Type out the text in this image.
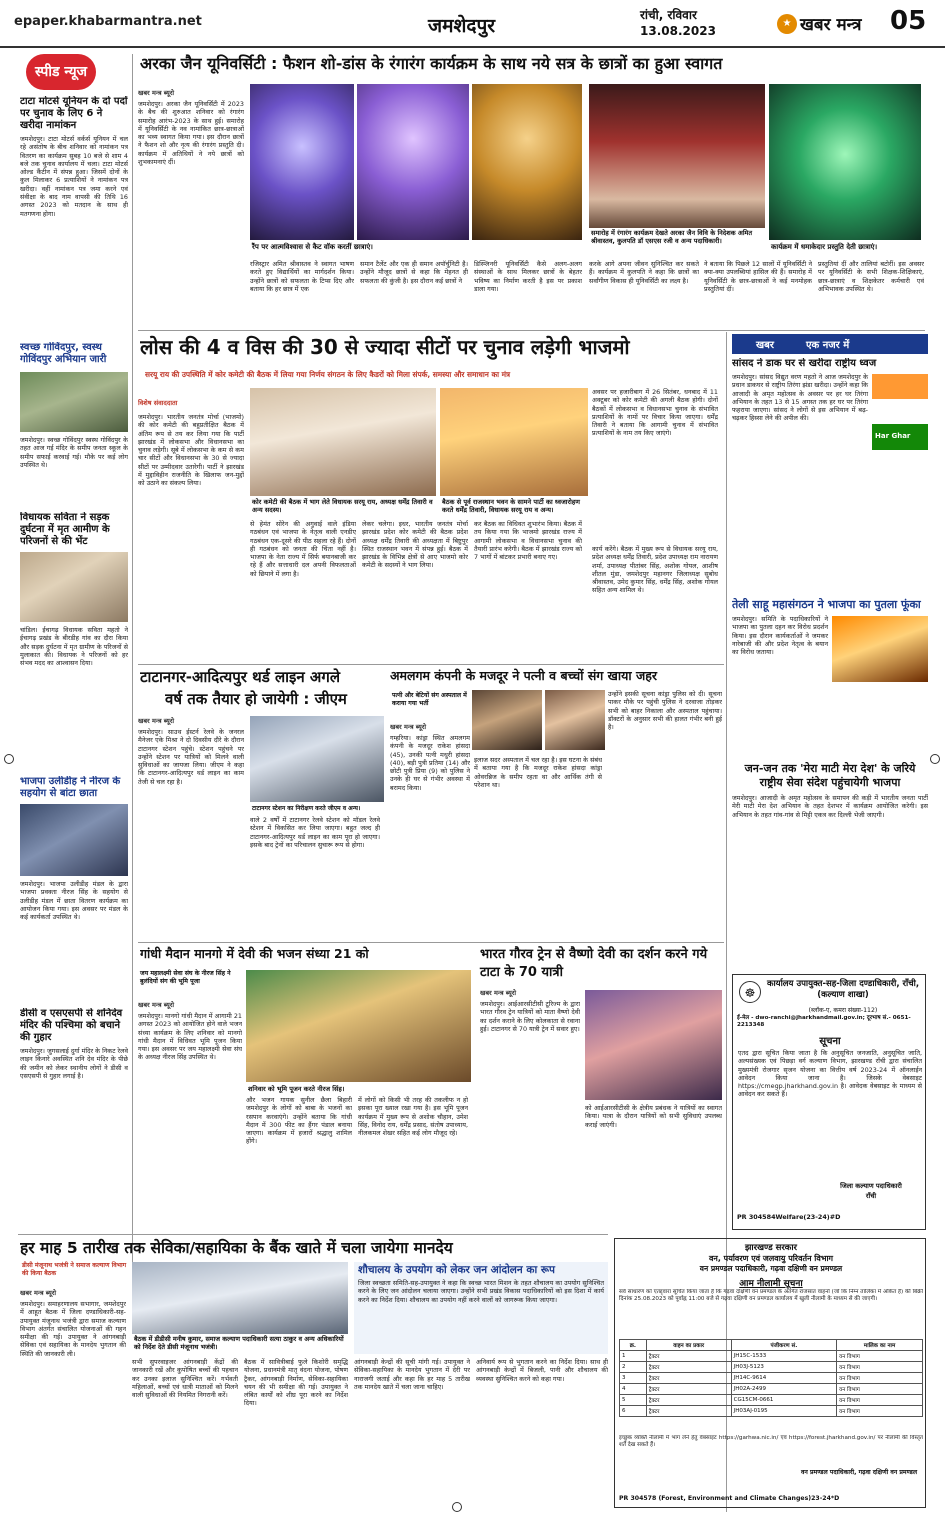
epaper.khabarmantra.net	जमशेदपुर	रांची, रविवार
13.08.2023
★ खबर मन्त्र 05
स्पीड न्यूज
टाटा मोटर्स यूनियन के दो पदों पर चुनाव के लिए 6 ने खरीदा नामांकन
जमशेदपुर। टाटा मोटर्स वर्कर्स यूनियन में चल रहे असंतोष के बीच शनिवार को नामांकन पत्र वितरण का कार्यक्रम सुबह 10 बजे से शाम 4 बजे तक चुनाव कार्यालय में चला। टाटा मोटर्स ओल्ड कैंटीन में संपन्न हुआ। जिसमें दोनों के कुल मिलाकर 6 प्रत्याशियों ने नामांकन पत्र खरीदा। वहीं नामांकन पत्र जमा करने एवं संवीक्षा के बाद नाम वापसी की तिथि 16 अगस्त 2023 को मतदान के साथ ही मतगणना होगा।
स्वच्छ गोविंदपुर, स्वस्थ गोविंदपुर अभियान जारी
जमशेदपुर। स्वच्छ गोविंदपुर स्वस्थ गोविंदपुर के तहत आज गई मंदिर के समीप जनता स्कूल के समीप सफाई करवाई गई। मौके पर कई लोग उपस्थित थे।
विधायक सविता ने सड़क दुर्घटना में मृत आमीण के परिजनों से की भेंट
चांडिल। ईचागढ़ विधायक सविता महतो ने ईचागढ़ प्रखंड के बीरडीह गांव का दौरा किया और सड़क दुर्घटना में मृत ग्रामीण के परिजनों से मुलाकात की। विधायक ने परिजनों को हर संभव मदद का आश्वासन दिया।
भाजपा उलीडीह ने नीरज के सहयोग से बांटा छाता
जमशेदपुर। भाजपा उलीडीह मंडल के द्वारा भाजपा प्रवक्ता नीरज सिंह के सहयोग से उलीडीह मंडल में छाता वितरण कार्यक्रम का आयोजन किया गया। इस अवसर पर मंडल के कई कार्यकर्ता उपस्थित थे।
डीसी व एसएसपी से शनिदेव मंदिर की पश्चिमा को बचाने की गुहार
जमशेदपुर। जुगसलाई दुर्गा मंदिर के निकट रेलवे लाइन किनारे अवस्थित शनि देव मंदिर के पीछे की जमीन को लेकर स्थानीय लोगों ने डीसी व एसएसपी से गुहार लगाई है।
अरका जैन यूनिवर्सिटी : फैशन शो-डांस के रंगारंग कार्यक्रम के साथ नये सत्र के छात्रों का हुआ स्वागत
खबर मन्त्र ब्यूरो
जमशेदपुर। अरका जैन यूनिवर्सिटी में 2023 के बैच की शुरुआत शनिवार को रंगारंग समारोह आरंभ-2023 के साथ हुई। समारोह में यूनिवर्सिटी के नव नामांकित छात्र-छात्राओं का भव्य स्वागत किया गया। इस दौरान छात्रों ने फैशन शो और नृत्य की रंगारंग प्रस्तुति दी। कार्यक्रम में अतिथियों ने नये छात्रों को शुभकामनाएं दीं।
रैंप पर आत्मविश्वास से कैट वॉक करतीं छात्राएं।
समारोह में रंगारंग कार्यक्रम देखते अरका जैन विवि के निदेशक अमित श्रीवास्तव, कुलपति डॉ एसएस रजी व अन्य पदाधिकारी।
कार्यक्रम में धमाकेदार प्रस्तुति देती छात्राएं।
रजिस्ट्रार अमित श्रीवास्तव ने स्वागत भाषण करते हुए विद्यार्थियों का मार्गदर्शन किया। उन्होंने छात्रों को सफलता के टिप्स दिए और बताया कि हर छात्र में एक
समान टैलेंट और एक ही समान अपॉर्चुनिटी है। उन्होंने मौजूद छात्रों से कहा कि मेहनत ही सफलता की कुंजी है। इस दौरान कई छात्रों ने
डिस्प्लिनरी यूनिवर्सिटी कैसे अलग-अलग संस्थाओं के साथ मिलकर छात्रों के बेहतर भविष्य का निर्माण करती है इस पर प्रकाश डाला गया।
करके आगे अपना जीवन सुनिश्चित कर सकते हैं। कार्यक्रम में कुलपति ने कहा कि छात्रों का सर्वांगीण विकास ही यूनिवर्सिटी का लक्ष्य है।
ने बताया कि पिछले 12 सालों में यूनिवर्सिटी ने क्या-क्या उपलब्धियां हासिल की हैं। समारोह में यूनिवर्सिटी के छात्र-छात्राओं ने कई मनमोहक प्रस्तुतियां दीं।
प्रस्तुतियां दीं और तालियां बटोरीं। इस अवसर पर यूनिवर्सिटी के सभी शिक्षक-शिक्षिकाएं, छात्र-छात्राएं व शिक्षकेतर कर्मचारी एवं अभिभावक उपस्थित थे।
लोस की 4 व विस की 30 से ज्यादा सीटों पर चुनाव लड़ेगी भाजमो
सरयू राय की उपस्थिति में कोर कमेटी की बैठक में लिया गया निर्णय संगठन के लिए कैडरों को मिला संपर्क, समस्या और समाधान का मंत्र
विशेष संवाददाता
जमशेदपुर। भारतीय जनतंत्र मोर्चा (भाजमो) की कोर कमेटी की बहुप्रतीक्षित बैठक में अंतिम रूप से तय कर लिया गया कि पार्टी झारखंड में लोकसभा और विधानसभा का चुनाव लड़ेगी। सूबे में लोकसभा के कम से कम चार सीटों और विधानसभा के 30 से ज्यादा सीटों पर उम्मीदवार उतारेगी। पार्टी ने झारखंड में मुद्दाविहीन राजनीति के खिलाफ जन-मुद्दों को उठाने का संकल्प लिया।
कोर कमेटी की बैठक में भाग लेते विधायक सरयू राय, अध्यक्ष धर्मेंद्र तिवारी व अन्य सदस्य।
बैठक से पूर्व राजस्थान भवन के सामने पार्टी का ध्वजारोहण करते धर्मेंद्र तिवारी, विधायक सरयू राय व अन्य।
से हेमंत सोरेन की अगुवाई वाले इंडिया गठबंधन एवं भाजपा के नेतृत्व वाली एनडीए गठबंधन एक-दूसरे की पीठ सहला रहे हैं। दोनों ही गठबंधन को जनता की चिंता नहीं है। भाजपा के नेता राज्य में सिर्फ बयानबाजी कर रहे हैं और सत्ताधारी दल अपनी विफलताओं को छिपाने में लगा है।
लेकर चलेगा। इधर, भारतीय जनतंत्र मोर्चा झारखंड प्रदेश कोर कमेटी की बैठक प्रदेश अध्यक्ष धर्मेंद्र तिवारी की अध्यक्षता में बिष्टुपुर स्थित राजस्थान भवन में संपन्न हुई। बैठक में झारखंड के विभिन्न क्षेत्रों से आए भाजमो कोर कमेटी के सदस्यों ने भाग लिया।
कर बैठक का विधिवत शुभारंभ किया। बैठक में तय किया गया कि भाजमो झारखंड राज्य में आगामी लोकसभा व विधानसभा चुनाव की तैयारी प्रारंभ करेगी। बैठक में झारखंड राज्य को 7 भागों में बांटकर प्रभारी बनाए गए।
अवसर पर हजारीबाग में 26 सितंबर, धनबाद में 11 अक्टूबर को कोर कमेटी की अगली बैठक होगी। दोनों बैठकों में लोकसभा व विधानसभा चुनाव के संभावित प्रत्याशियों के नामों पर विचार किया जाएगा। धर्मेंद्र तिवारी ने बताया कि आगामी चुनाव में संभावित प्रत्याशियों के नाम तय किए जाएंगे।
कार्य करेंगे। बैठक में मुख्य रूप से विधायक सरयू राय, प्रदेश अध्यक्ष धर्मेंद्र तिवारी, प्रदेश उपाध्यक्ष राम नारायण शर्मा, उपाध्यक्ष पीतांबर सिंह, अशोक गोयल, आशीष शीतल मुंडा, जमशेदपुर महानगर जिलाध्यक्ष सुबोध श्रीवास्तव, उमेद कुमार सिंह, धर्मेंद्र सिंह, अशोक गोयल सहित अन्य शामिल थे।
टाटानगर-आदित्यपुर थर्ड लाइन अगले
वर्ष तक तैयार हो जायेगी : जीएम
खबर मन्त्र ब्यूरो
जमशेदपुर। साउथ ईस्टर्न रेलवे के जनरल मैनेजर एके मिश्रा ने दो दिवसीय दौरे के दौरान टाटानगर स्टेशन पहुंचे। स्टेशन पहुंचने पर उन्होंने स्टेशन पर यात्रियों को मिलने वाली सुविधाओं का जायजा लिया। जीएम ने कहा कि टाटानगर-आदित्यपुर थर्ड लाइन का काम तेजी से चल रहा है।
टाटानगर स्टेशन का निरीक्षण करते जीएम व अन्य।
वाले 2 वर्षों में टाटानगर रेलवे स्टेशन को मॉडल रेलवे स्टेशन में विकसित कर लिया जाएगा। बहुत जल्द ही टाटानगर-आदित्यपुर थर्ड लाइन का काम पूरा हो जाएगा। इसके बाद ट्रेनों का परिचालन सुचारू रूप से होगा।
अमलगम कंपनी के मजदूर ने पत्नी व बच्चों संग खाया जहर
पत्नी और बेटियों संग अस्पताल में कराया गया भर्ती
खबर मन्त्र ब्यूरो
गम्हरिया। कांड्रा स्थित अमलगम कंपनी के मजदूर राकेश हांसदा (45), उनकी पत्नी मधुरी हांसदा (40), बड़ी पुत्री प्रतिमा (14) और छोटी पुत्री प्रिया (9) को पुलिस ने उनके ही घर से गंभीर अवस्था में बरामद किया।
इलाज सदर अस्पताल में चल रहा है। इस घटना के संबंध में बताया गया है कि मजदूर राकेश हांसदा कांड्रा ओवरब्रिज के समीप रहता था और आर्थिक तंगी से परेशान था।
उन्होंने इसकी सूचना कांड्रा पुलिस को दी। सूचना पाकर मौके पर पहुंची पुलिस ने दरवाजा तोड़कर सभी को बाहर निकाला और अस्पताल पहुंचाया। डॉक्टरों के अनुसार सभी की हालत गंभीर बनी हुई है।
गांधी मैदान मानगो में देवी की भजन संध्या 21 को
जय महालक्ष्मी सेवा संघ के नीरज सिंह ने बुलंदियों संग की भूमि पूजा
खबर मन्त्र ब्यूरो
जमशेदपुर। मानगो गांधी मैदान में आगामी 21 अगस्त 2023 को आयोजित होने वाले भजन संध्या कार्यक्रम के लिए शनिवार को मानगो गांधी मैदान में विधिवत भूमि पूजन किया गया। इस अवसर पर जय महालक्ष्मी सेवा संघ के अध्यक्ष नीरज सिंह उपस्थित थे।
शनिवार को भूमि पूजन करते नीरज सिंह।
और भजन गायक सुनील छैला बिहारी जमशेदपुर के लोगों को बाबा के भजनों का रसपान करवाएंगे। उन्होंने बताया कि गांधी मैदान में 300 फीट का हैंगर पंडाल बनाया जाएगा। कार्यक्रम में हजारों श्रद्धालु शामिल होंगे।
में लोगों को किसी भी तरह की तकलीफ न हो इसका पूरा ख्याल रखा गया है। इस भूमि पूजन कार्यक्रम में मुख्य रूप से अशोक चौहान, उमेश सिंह, विनोद राय, धर्मेंद्र प्रसाद, संतोष उपाध्याय, नीलकमल शेखर सहित कई लोग मौजूद रहे।
भारत गौरव ट्रेन से वैष्णो देवी का दर्शन करने गये टाटा के 70 यात्री
खबर मन्त्र ब्यूरो
जमशेदपुर। आईआरसीटीसी टूरिज्म के द्वारा भारत गौरव ट्रेन यात्रियों को माता वैष्णो देवी का दर्शन कराने के लिए कोलकाता से रवाना हुई। टाटानगर से 70 यात्री ट्रेन में सवार हुए।
को आईआरसीटीसी के क्षेत्रीय प्रबंधक ने यात्रियों का स्वागत किया। यात्रा के दौरान यात्रियों को सभी सुविधाएं उपलब्ध कराई जाएंगी।
खबर	एक नजर में
सांसद ने डाक घर से खरीदा राष्ट्रीय ध्वज
Har Ghar
जमशेदपुर। सांसद विद्युत वरण महतो ने आज जमशेदपुर के प्रधान डाकघर से राष्ट्रीय तिरंगा झंडा खरीदा। उन्होंने कहा कि आजादी के अमृत महोत्सव के अवसर पर हर घर तिरंगा अभियान के तहत 13 से 15 अगस्त तक हर घर पर तिरंगा फहराया जाएगा। सांसद ने लोगों से इस अभियान में बढ़-चढ़कर हिस्सा लेने की अपील की।
तेली साहू महासंगठन ने भाजपा का पुतला फूंका
जमशेदपुर। समिति के पदाधिकारियों ने भाजपा का पुतला दहन कर विरोध प्रदर्शन किया। इस दौरान कार्यकर्ताओं ने जमकर नारेबाजी की और प्रदेश नेतृत्व के बयान का विरोध जताया।
जन-जन तक 'मेरा माटी मेरा देश' के जरिये राष्ट्रीय सेवा संदेश पहुंचायेगी भाजपा
जमशेदपुर। आजादी के अमृत महोत्सव के समापन की कड़ी में भारतीय जनता पार्टी मेरी माटी मेरा देश अभियान के तहत देशभर में कार्यक्रम आयोजित करेगी। इस अभियान के तहत गांव-गांव से मिट्टी एकत्र कर दिल्ली भेजी जाएगी।
☸
कार्यालय उपायुक्त-सह-जिला दण्डाधिकारी, राँची, (कल्याण शाखा)
(ब्लॉक-ए, कमरा संख्या-112)
ई-मेल - dwo-ranchi@jharkhandmail.gov.in; दूरभाष सं.- 0651-2213348
सूचना
एतद द्वारा सूचित किया जाता है कि अनुसूचित जनजाति, अनुसूचित जाति, अल्पसंख्यक एवं पिछड़ा वर्ग कल्याण विभाग, झारखण्ड राँची द्वारा संचालित मुख्यमंत्री रोजगार सृजन योजना का वित्तीय वर्ष 2023-24 में ऑनलाईन आवेदन किया जाना है। जिसके वेबसाइट https://cmegp.jharkhand.gov.in है। आवेदक वेबसाइट के माध्यम से आवेदन कर सकते हैं।
जिला कल्याण पदाधिकारी
राँची
PR 304584Welfare(23-24)#D
हर माह 5 तारीख तक सेविका/सहायिका के बैंक खाते में चला जायेगा मानदेय
डीसी मंजूनाथ भजंत्री ने समाज कल्याण विभाग की किया बैठक
खबर मन्त्र ब्यूरो
जमशेदपुर। समाहरणालय सभागार, जमशेदपुर में आहूत बैठक में जिला दण्डाधिकारी-सह-उपायुक्त मंजूनाथ भजंत्री द्वारा समाज कल्याण विभाग अंतर्गत संचालित योजनाओं की गहन समीक्षा की गई। उपायुक्त ने आंगनबाड़ी सेविका एवं सहायिका के मानदेय भुगतान की स्थिति की जानकारी ली।
बैठक में डीडीसी मनीष कुमार, समाज कल्याण पदाधिकारी सत्या ठाकुर व अन्य अधिकारियों को निर्देश देते डीसी मंजूनाथ भजंत्री।
सभी सुपरवाइजर आंगनबाड़ी केंद्रों की जानकारी रखें और कुपोषित बच्चों की पहचान कर उनका इलाज सुनिश्चित करें। गर्भवती महिलाओं, बच्चों एवं धात्री माताओं को मिलने वाली सुविधाओं की नियमित निगरानी करें।
बैठक में सावित्रीबाई फुले किशोरी समृद्धि योजना, प्रधानमंत्री मातृ वंदना योजना, पोषण ट्रैकर, आंगनबाड़ी निर्माण, सेविका-सहायिका चयन की भी समीक्षा की गई। उपायुक्त ने लंबित कार्यों को शीघ्र पूरा करने का निर्देश दिया।
आंगनबाड़ी केन्द्रों की सूची मांगी गई। उपायुक्त ने सेविका-सहायिका के मानदेय भुगतान में देरी पर नाराजगी जताई और कहा कि हर माह 5 तारीख तक मानदेय खाते में चला जाना चाहिए।
अनिवार्य रूप से भुगतान करने का निर्देश दिया। साथ ही आंगनबाड़ी केन्द्रों में बिजली, पानी और शौचालय की व्यवस्था सुनिश्चित करने को कहा गया।
शौचालय के उपयोग को लेकर जन आंदोलन का रूप
जिला स्वच्छता समिति-सह-उपायुक्त ने कहा कि स्वच्छ भारत मिशन के तहत शौचालय का उपयोग सुनिश्चित करने के लिए जन आंदोलन चलाया जाएगा। उन्होंने सभी प्रखंड विकास पदाधिकारियों को इस दिशा में कार्य करने का निर्देश दिया। शौचालय का उपयोग नहीं करने वालों को जागरूक किया जाएगा।
झारखण्ड सरकार
वन, पर्यावरण एवं जलवायु परिवर्तन विभाग
वन प्रमण्डल पदाधिकारी, गढ़वा दक्षिणी वन प्रमण्डल
आम नीलामी सूचना
सर्व साधारण को एतद्द्वारा सूचित किया जाता है कि गढ़वा दक्षिणी वन प्रमण्डल के अंतर्गत राजसात वाहनों (जो कि निम्न तालिका में अंकित हैं) की बिक्री दिनांक 25.08.2023 को पूर्वाह्न 11:00 बजे से गढ़वा दक्षिणी वन प्रमण्डल कार्यालय में खुली नीलामी के माध्यम से की जाएगी।
क्र.	वाहन का प्रकार	पंजीकरण सं.	मालिक का नाम
1	ट्रैक्टर	JH15C-1533	वन विभाग
2	ट्रैक्टर	JH03J-5123	वन विभाग
3	ट्रैक्टर	JH14C-9614	वन विभाग
4	ट्रैक्टर	JH02A-2499	वन विभाग
5	ट्रैक्टर	CG15CM-0661	वन विभाग
6	ट्रैक्टर	JH03AJ-0195	वन विभाग
इच्छुक व्यक्ति नीलामी में भाग लेने हेतु वेबसाइट https://garhwa.nic.in/ एवं https://forest.jharkhand.gov.in/ पर नीलामी की विस्तृत शर्तें देख सकते हैं।
वन प्रमण्डल पदाधिकारी, गढ़वा दक्षिणी वन प्रमण्डल
PR 304578 (Forest, Environment and Climate Changes)23-24*D
